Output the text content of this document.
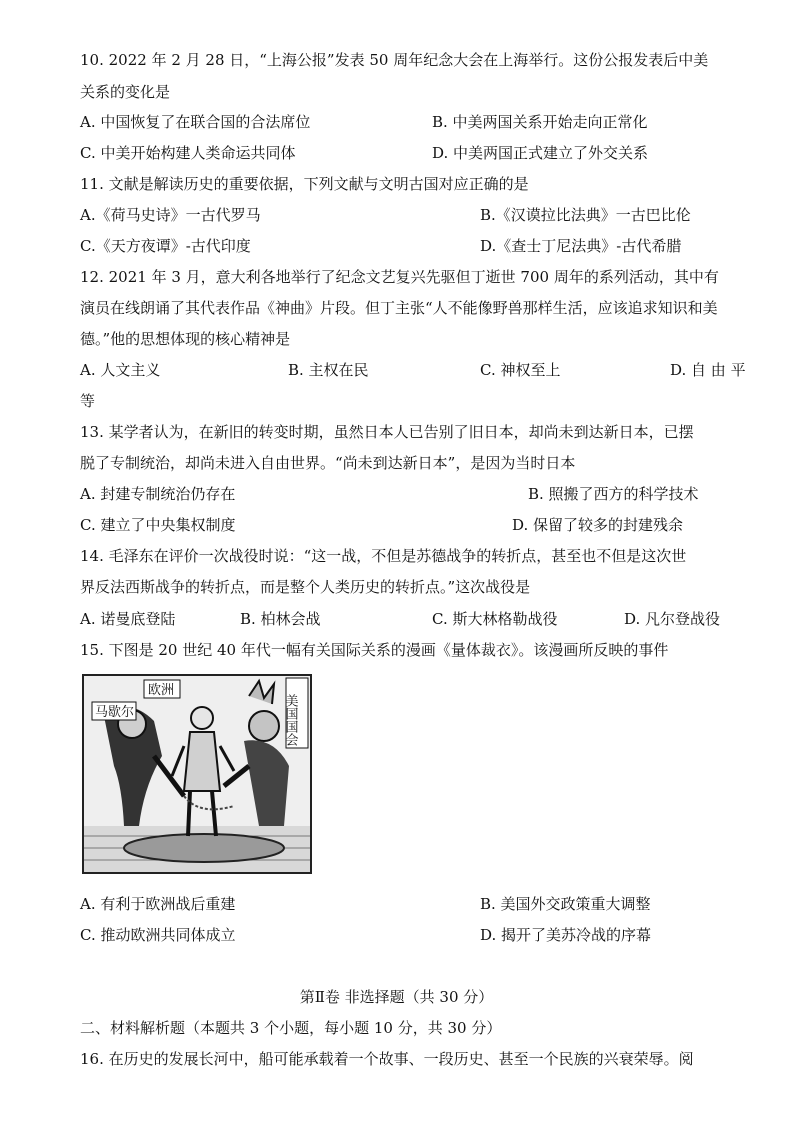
10. 2022 年 2 月 28 日，“上海公报”发表 50 周年纪念大会在上海举行。这份公报发表后中美
关系的变化是
A. 中国恢复了在联合国的合法席位	B. 中美两国关系开始走向正常化
C. 中美开始构建人类命运共同体	D. 中美两国正式建立了外交关系
11. 文献是解读历史的重要依据，下列文献与文明古国对应正确的是
A.《荷马史诗》一古代罗马	B.《汉谟拉比法典》一古巴比伦
C.《天方夜谭》-古代印度	D.《查士丁尼法典》-古代希腊
12. 2021 年 3 月，意大利各地举行了纪念文艺复兴先驱但丁逝世 700 周年的系列活动，其中有
演员在线朗诵了其代表作品《神曲》片段。但丁主张“人不能像野兽那样生活，应该追求知识和美
德。”他的思想体现的核心精神是
A. 人文主义	B. 主权在民	C. 神权至上	D. 自 由 平
等
13. 某学者认为，在新旧的转变时期，虽然日本人已告别了旧日本，却尚未到达新日本，已摆
脱了专制统治，却尚未进入自由世界。“尚未到达新日本”，是因为当时日本
A. 封建专制统治仍存在	B. 照搬了西方的科学技术
C. 建立了中央集权制度	D. 保留了较多的封建残余
14. 毛泽东在评价一次战役时说：“这一战，不但是苏德战争的转折点，甚至也不但是这次世
界反法西斯战争的转折点，而是整个人类历史的转折点。”这次战役是
A. 诺曼底登陆	B. 柏林会战	C. 斯大林格勒战役	D. 凡尔登战役
15. 下图是 20 世纪 40 年代一幅有关国际关系的漫画《量体裁衣》。该漫画所反映的事件
马歇尔
欧洲
美国国会
A. 有利于欧洲战后重建	B. 美国外交政策重大调整
C. 推动欧洲共同体成立	D. 揭开了美苏冷战的序幕
第Ⅱ卷 非选择题（共 30 分）
二、材料解析题（本题共 3 个小题，每小题 10 分，共 30 分）
16. 在历史的发展长河中，船可能承载着一个故事、一段历史、甚至一个民族的兴衰荣辱。阅
